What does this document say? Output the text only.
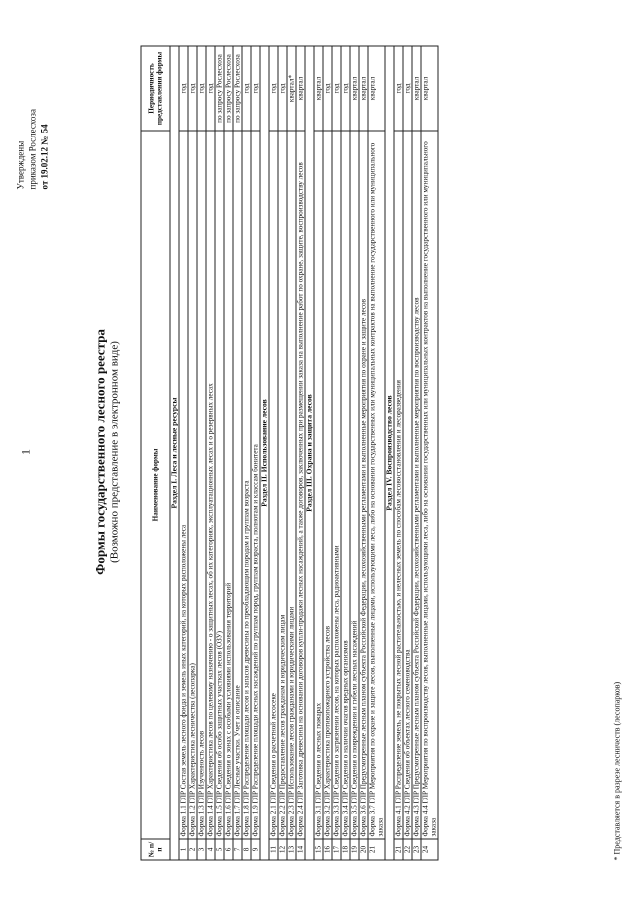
1
Утверждены приказом Рослесхоза от 19.02.12 № 54
Формы государственного лесного реестра (Возможно представление в электронном виде)
№ п/п	Наименование формы	Периодичность представления формы
Раздел I. Леса и лесные ресурсы		
1	Форма 1.1 ГЛР Состав земель лесного фонда и земель иных категорий, на которых расположены леса	год
2	Форма 1.2 ГЛР Характеристика лесничества (лесопарка)	год
3	Форма 1.3 ГЛР Изученность лесов	год
4	Форма 1.4 ГЛР Характеристика лесов по целевому назначению - о защитных лесах, об их категориях, эксплуатационных лесах и о резервных лесах	год
5	Форма 1.5 ГЛР Сведения об особо защитных участках лесов (ОЗУ)	по запросу Рослесхоза
6	Форма 1.6 ГЛР Сведения о зонах с особыми условиями использования территорий	по запросу Рослесхоза
7	Форма 1.7 ГЛР Лесные участки. Учет и описание	по запросу Рослесхоза
8	Форма 1.8 ГЛР Распределение площади лесов и запасов древесины по преобладающим породам и группам возраста	год
9	Форма 1.9 ГЛР Распределение площади лесных насаждений по группам пород, группам возраста, полнотам и классам бонитета	год
Раздел II. Использование лесов		
11	Форма 2.1 ГЛР Сведения о расчетной лесосеке	год
12	Форма 2.2 ГЛР Предоставление лесов гражданам и юридическим лицам	год
13	Форма 2.3 ГЛР Использование лесов гражданами и юридическими лицами	квартал*
14	Форма 2.4 ГЛР Заготовка древесины на основании договоров купли-продажи лесных насаждений, а также договоров, заключенных при размещении заказа на выполнение работ по охране, защите, воспроизводству лесов	квартал
Раздел III. Охрана и защита лесов		
15	Форма 3.1 ГЛР Сведения о лесных пожарах	квартал
16	Форма 3.2 ГЛР Характеристика противопожарного устройства лесов	год
17	Форма 3.3 ГЛР Сведения о загрязнении лесов, на которых расположены леса, радиоактивными	год
18	Форма 3.4 ГЛР Сведения о наличии очагов вредных организмов	год
19	Форма 3.5 ГЛР Сведения о повреждении и гибели лесных насаждений	квартал
20	Форма 3.6 ГЛР Предусмотренные лесным планом субъекта Российской Федерации, лесохозяйственными регламентами и выполненные мероприятия по охране и защите лесов	квартал
21	Форма 3.7 ГЛР Мероприятия по охране и защите лесов, выполненные лицами, использующими леса, либо на основании государственных или муниципальных контрактов на выполнение государственного или муниципального заказа	квартал
Раздел IV. Воспроизводство лесов		
21	Форма 4.1 ГЛР Распределение земель, не покрытых лесной растительностью, и нелесных земель по способам лесовосстановления и лесоразведения	год
22	Форма 4.2 ГЛР Сведения об объектах лесного семеноводства	год
23	Форма 4.3 ГЛР Предусмотренные лесным планом субъекта Российской Федерации, лесохозяйственными регламентами и выполненные мероприятия по воспроизводству лесов	квартал
24	Форма 4.4 ГЛР Мероприятия по воспроизводству лесов, выполненные лицами, использующими леса, либо на основании государственных или муниципальных контрактов на выполнение государственного или муниципального заказа	квартал
* Представляется в разрезе лесничеств (лесопарков)
